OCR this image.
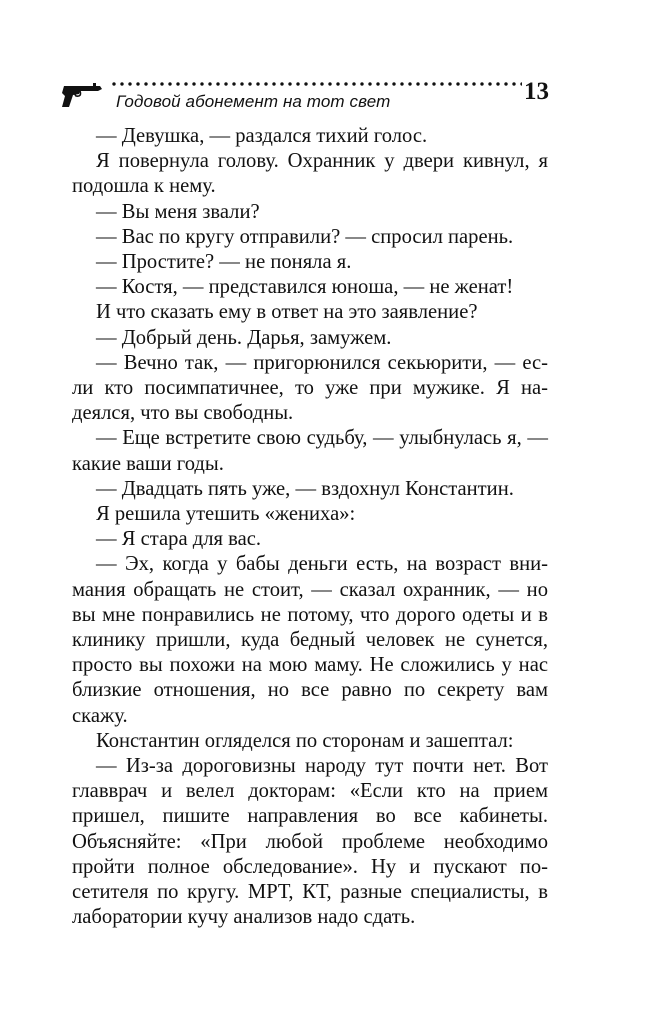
Годовой абонемент на тот свет	13

— Девушка, — раздался тихий голос.

Я повернула голову. Охранник у двери кивнул, я подошла к нему.

— Вы меня звали?

— Вас по кругу отправили? — спросил парень.

— Простите? — не поняла я.

— Костя, — представился юноша, — не женат!

И что сказать ему в ответ на это заявление?

— Добрый день. Дарья, замужем.

— Вечно так, — пригорюнился секьюрити, — если кто посимпатичнее, то уже при мужике. Я надеялся, что вы свободны.

— Еще встретите свою судьбу, — улыбнулась я, — какие ваши годы.

— Двадцать пять уже, — вздохнул Константин.

Я решила утешить «жениха»:

— Я стара для вас.

— Эх, когда у бабы деньги есть, на возраст внимания обращать не стоит, — сказал охранник, — но вы мне понравились не потому, что дорого одеты и в клинику пришли, куда бедный человек не сунется, просто вы похожи на мою маму. Не сложились у нас близкие отношения, но все равно по секрету вам скажу.

Константин огляделся по сторонам и зашептал:

— Из-за дороговизны народу тут почти нет. Вот главврач и велел докторам: «Если кто на прием пришел, пишите направления во все кабинеты. Объясняйте: «При любой проблеме необходимо пройти полное обследование». Ну и пускают посетителя по кругу. МРТ, КТ, разные специалисты, в лаборатории кучу анализов надо сдать.
